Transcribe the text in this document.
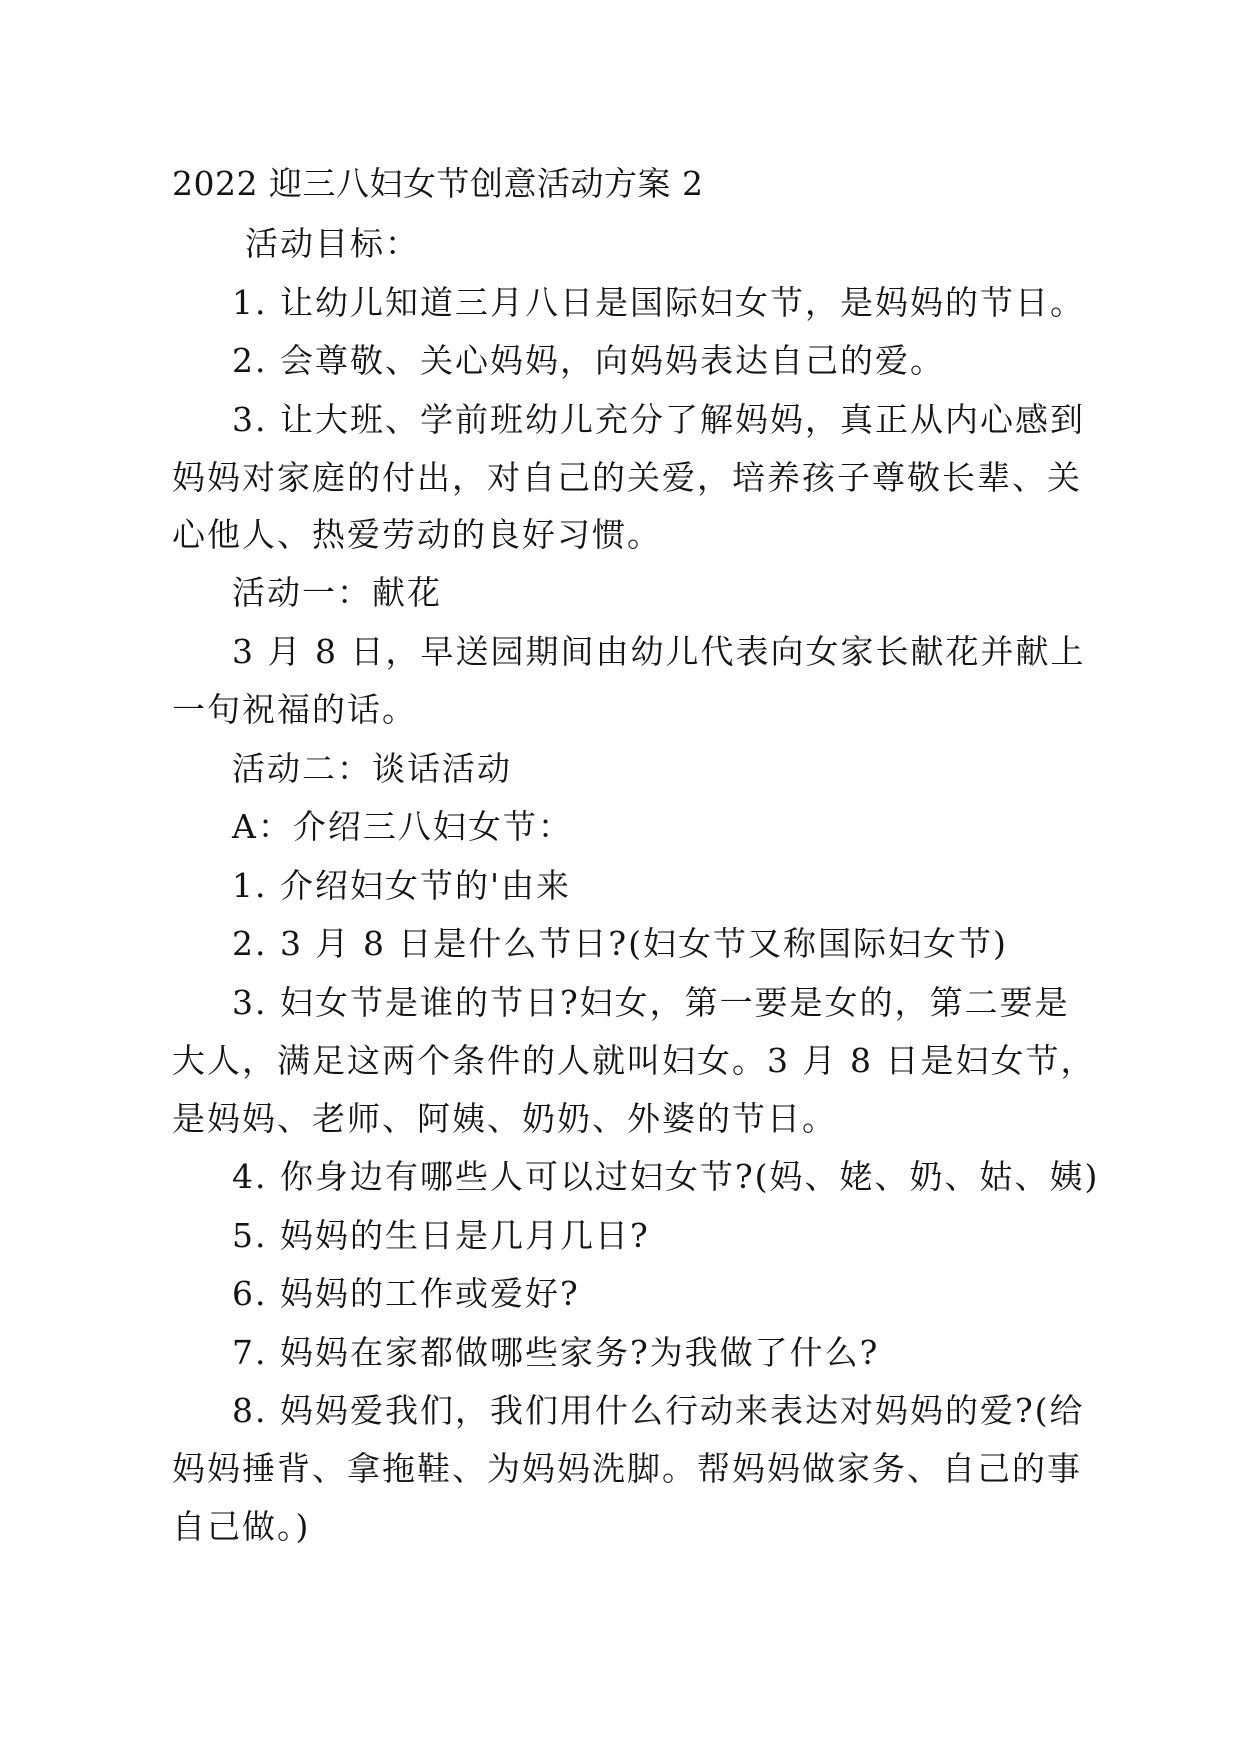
2022 迎三八妇女节创意活动方案 2

活动目标：

1. 让幼儿知道三月八日是国际妇女节，是妈妈的节日。

2. 会尊敬、关心妈妈，向妈妈表达自己的爱。

3. 让大班、学前班幼儿充分了解妈妈，真正从内心感到

妈妈对家庭的付出，对自己的关爱，培养孩子尊敬长辈、关

心他人、热爱劳动的良好习惯。

活动一：献花

3 月 8 日，早送园期间由幼儿代表向女家长献花并献上

一句祝福的话。

活动二：谈话活动

A：介绍三八妇女节：

1. 介绍妇女节的'由来

2. 3 月 8 日是什么节日?(妇女节又称国际妇女节)

3. 妇女节是谁的节日?妇女，第一要是女的，第二要是

大人，满足这两个条件的人就叫妇女。3 月 8 日是妇女节，

是妈妈、老师、阿姨、奶奶、外婆的节日。

4. 你身边有哪些人可以过妇女节?(妈、姥、奶、姑、姨)

5. 妈妈的生日是几月几日?

6. 妈妈的工作或爱好?

7. 妈妈在家都做哪些家务?为我做了什么?

8. 妈妈爱我们，我们用什么行动来表达对妈妈的爱?(给

妈妈捶背、拿拖鞋、为妈妈洗脚。帮妈妈做家务、自己的事

自己做。)
